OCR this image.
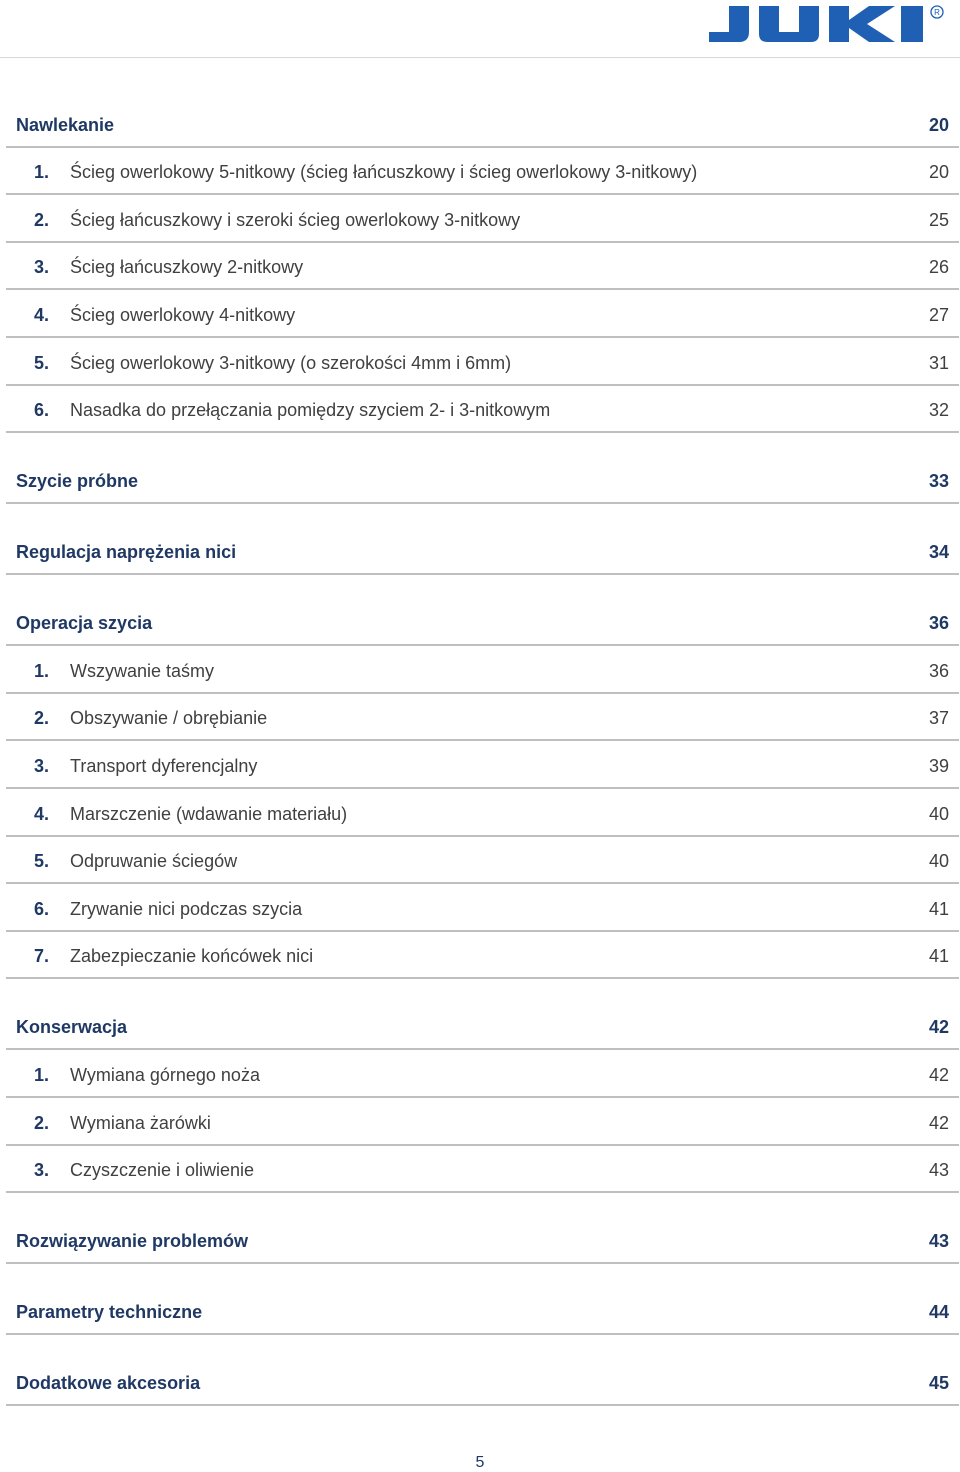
R
Nawlekanie	20
1. Ścieg owerlokowy 5-nitkowy (ścieg łańcuszkowy i ścieg owerlokowy 3-nitkowy)	20
2. Ścieg łańcuszkowy i szeroki ścieg owerlokowy 3-nitkowy	25
3. Ścieg łańcuszkowy 2-nitkowy	26
4. Ścieg owerlokowy 4-nitkowy	27
5. Ścieg owerlokowy 3-nitkowy (o szerokości 4mm i 6mm)	31
6. Nasadka do przełączania pomiędzy szyciem 2- i 3-nitkowym	32
Szycie próbne	33
Regulacja naprężenia nici	34
Operacja szycia	36
1. Wszywanie taśmy	36
2. Obszywanie / obrębianie	37
3. Transport dyferencjalny	39
4. Marszczenie (wdawanie materiału)	40
5. Odpruwanie ściegów	40
6. Zrywanie nici podczas szycia	41
7. Zabezpieczanie końcówek nici	41
Konserwacja	42
1. Wymiana górnego noża	42
2. Wymiana żarówki	42
3. Czyszczenie i oliwienie	43
Rozwiązywanie problemów	43
Parametry techniczne	44
Dodatkowe akcesoria	45
5
